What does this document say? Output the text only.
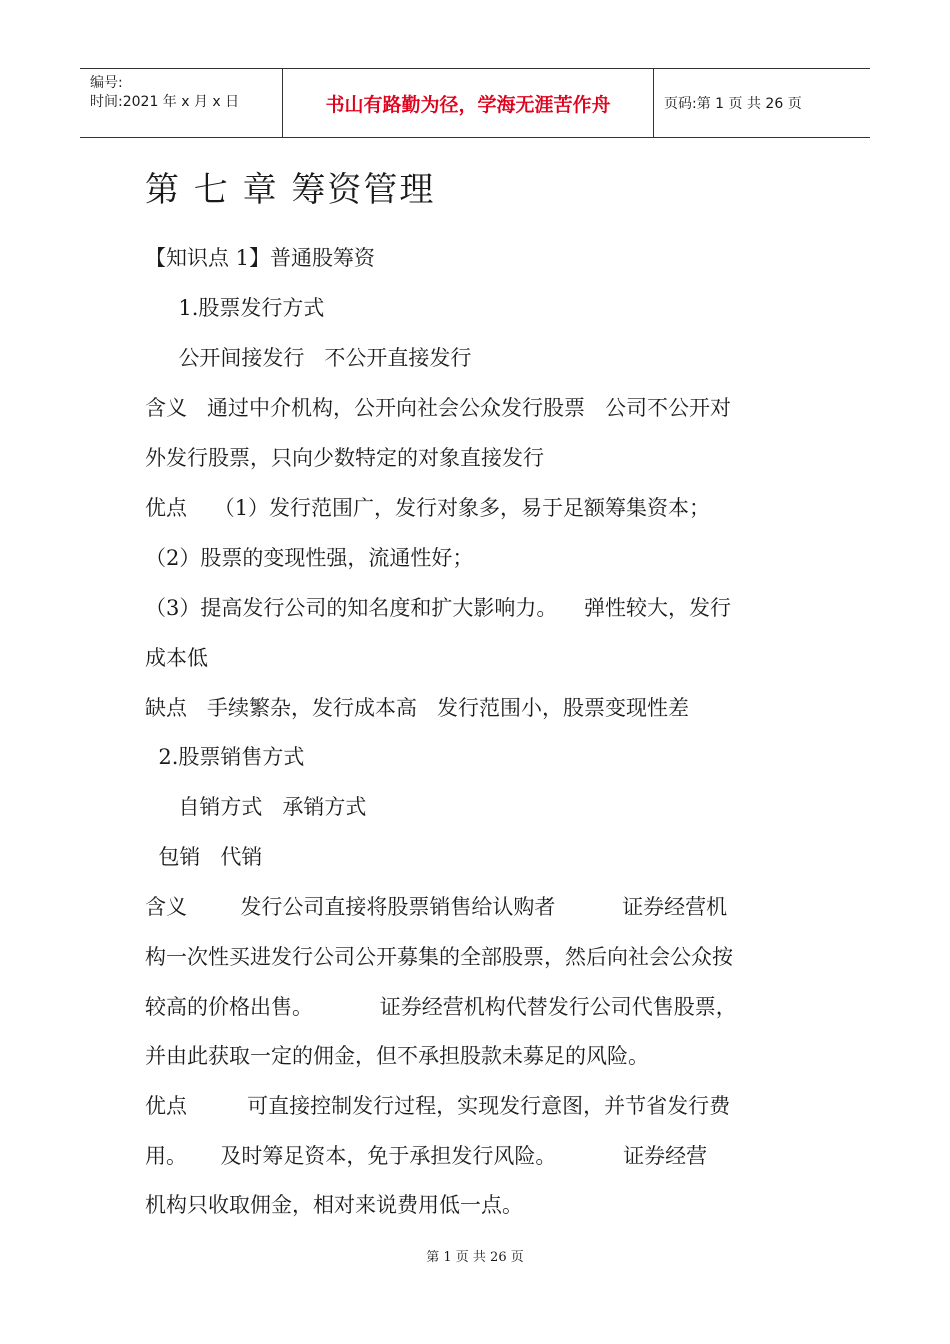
编号:
时间:2021 年 x 月 x 日	书山有路勤为径，学海无涯苦作舟	页码:第 1 页 共 26 页
第 七 章 筹资管理
【知识点 1】普通股筹资
1.股票发行方式
公开间接发行   不公开直接发行
含义   通过中介机构，公开向社会公众发行股票   公司不公开对
外发行股票，只向少数特定的对象直接发行
优点    （1）发行范围广，发行对象多，易于足额筹集资本；
（2）股票的变现性强，流通性好；
（3）提高发行公司的知名度和扩大影响力。    弹性较大，发行
成本低
缺点   手续繁杂，发行成本高   发行范围小，股票变现性差
2.股票销售方式
自销方式   承销方式
包销   代销
含义        发行公司直接将股票销售给认购者          证券经营机
构一次性买进发行公司公开募集的全部股票，然后向社会公众按
较高的价格出售。          证券经营机构代替发行公司代售股票，
并由此获取一定的佣金，但不承担股款未募足的风险。
优点         可直接控制发行过程，实现发行意图，并节省发行费
用。     及时筹足资本，免于承担发行风险。          证券经营
机构只收取佣金，相对来说费用低一点。
第 1 页 共 26 页
